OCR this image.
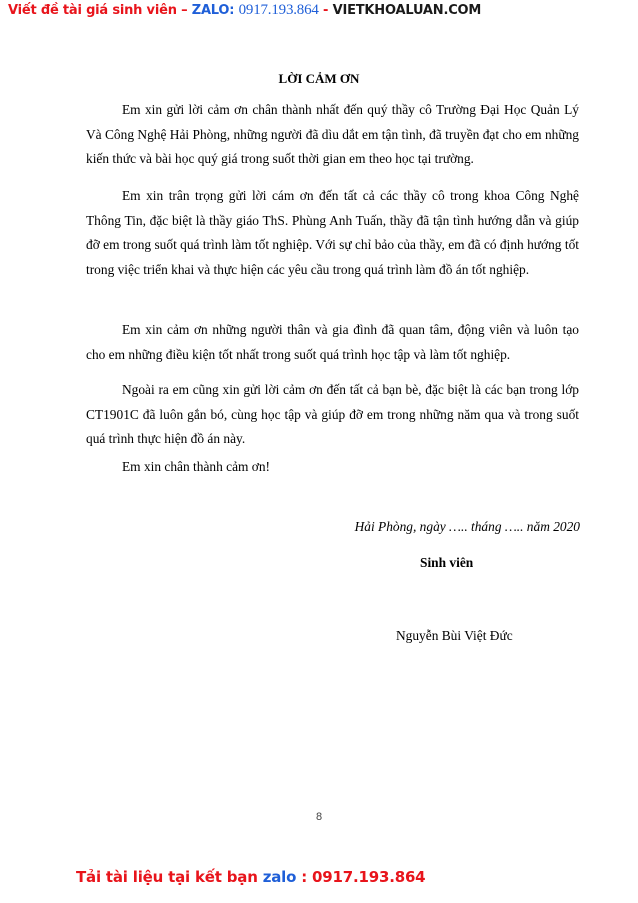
Viết đề tài giá sinh viên – ZALO: 0917.193.864 - VIETKHOALUAN.COM
LỜI CẢM ƠN

Em xin gửi lời cảm ơn chân thành nhất đến quý thầy cô Trường Đại Học Quản Lý Và Công Nghệ Hải Phòng, những người đã dìu dắt em tận tình, đã truyền đạt cho em những kiến thức và bài học quý giá trong suốt thời gian em theo học tại trường.

Em xin trân trọng gửi lời cám ơn đến tất cả các thầy cô trong khoa Công Nghệ Thông Tin, đặc biệt là thầy giáo ThS. Phùng Anh Tuấn, thầy đã tận tình hướng dẫn và giúp đỡ em trong suốt quá trình làm tốt nghiệp. Với sự chỉ bảo của thầy, em đã có định hướng tốt trong việc triển khai và thực hiện các yêu cầu trong quá trình làm đồ án tốt nghiệp.

Em xin cảm ơn những người thân và gia đình đã quan tâm, động viên và luôn tạo cho em những điều kiện tốt nhất trong suốt quá trình học tập và làm tốt nghiệp.

Ngoài ra em cũng xin gửi lời cảm ơn đến tất cả bạn bè, đặc biệt là các bạn trong lớp CT1901C đã luôn gắn bó, cùng học tập và giúp đỡ em trong những năm qua và trong suốt quá trình thực hiện đồ án này.

Em xin chân thành cảm ơn!

Hải Phòng, ngày ….. tháng ….. năm 2020
Sinh viên
Nguyễn Bùi Việt Đức
8
Tải tài liệu tại kết bạn zalo : 0917.193.864
